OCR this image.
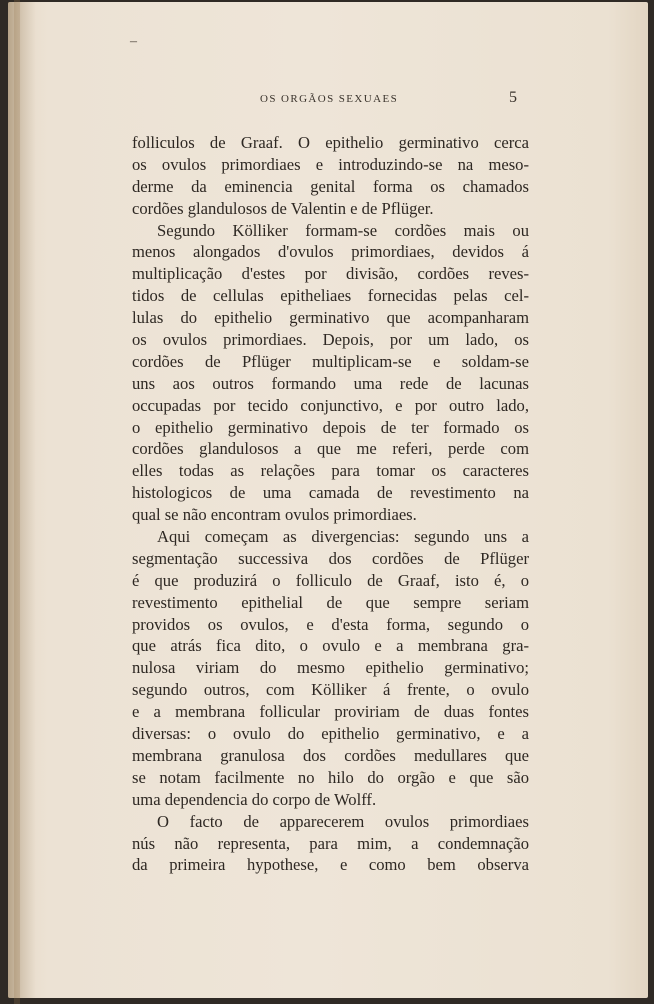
‒
OS ORGÃOS SEXUAES	5
folliculos de Graaf. O epithelio germinativo cerca
os ovulos primordiaes e introduzindo-se na meso-
derme da eminencia genital forma os chamados
cordões glandulosos de Valentin e de Pflüger.
Segundo Kölliker formam-se cordões mais ou
menos alongados d'ovulos primordiaes, devidos á
multiplicação d'estes por divisão, cordões reves-
tidos de cellulas epitheliaes fornecidas pelas cel-
lulas do epithelio germinativo que acompanharam
os ovulos primordiaes. Depois, por um lado, os
cordões de Pflüger multiplicam-se e soldam-se
uns aos outros formando uma rede de lacunas
occupadas por tecido conjunctivo, e por outro lado,
o epithelio germinativo depois de ter formado os
cordões glandulosos a que me referi, perde com
elles todas as relações para tomar os caracteres
histologicos de uma camada de revestimento na
qual se não encontram ovulos primordiaes.
Aqui começam as divergencias: segundo uns a
segmentação successiva dos cordões de Pflüger
é que produzirá o folliculo de Graaf, isto é, o
revestimento epithelial de que sempre seriam
providos os ovulos, e d'esta forma, segundo o
que atrás fica dito, o ovulo e a membrana gra-
nulosa viriam do mesmo epithelio germinativo;
segundo outros, com Kölliker á frente, o ovulo
e a membrana follicular proviriam de duas fontes
diversas: o ovulo do epithelio germinativo, e a
membrana granulosa dos cordões medullares que
se notam facilmente no hilo do orgão e que são
uma dependencia do corpo de Wolff.
O facto de apparecerem ovulos primordiaes
nús não representa, para mim, a condemnação
da primeira hypothese, e como bem observa
